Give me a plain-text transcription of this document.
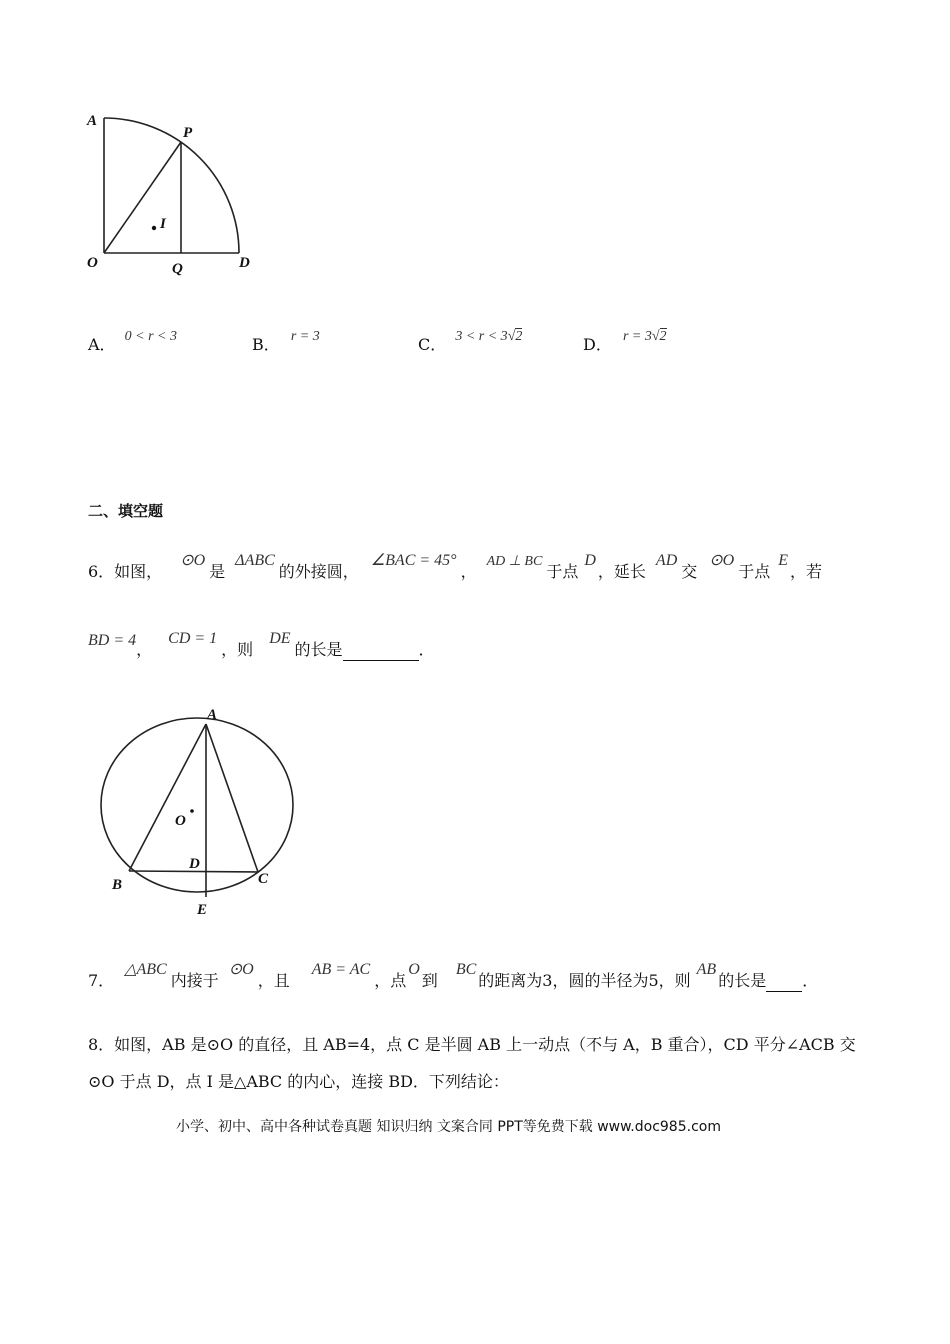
A
P
I
O	Q	D
A． 0 < r < 3	B． r = 3	C． 3 < r < 3√2	D． r = 3√2
二、填空题
6．如图，⊙O是ΔABC的外接圆，∠BAC = 45°，AD ⊥ BC于点D，延长AD交⊙O于点E，若
BD = 4，CD = 1，则DE的长是	．
A
O
D
B	C
E
7．△ABC内接于⊙O，且AB = AC，点O到BC的距离为3，圆的半径为5，则AB的长是 ．
8．如图，AB 是⊙O 的直径，且 AB=4，点 C 是半圆 AB 上一动点（不与 A，B 重合），CD 平分∠ACB 交
⊙O 于点 D，点 I 是△ABC 的内心，连接 BD．下列结论：
小学、初中、高中各种试卷真题 知识归纳 文案合同 PPT等免费下载 www.doc985.com
